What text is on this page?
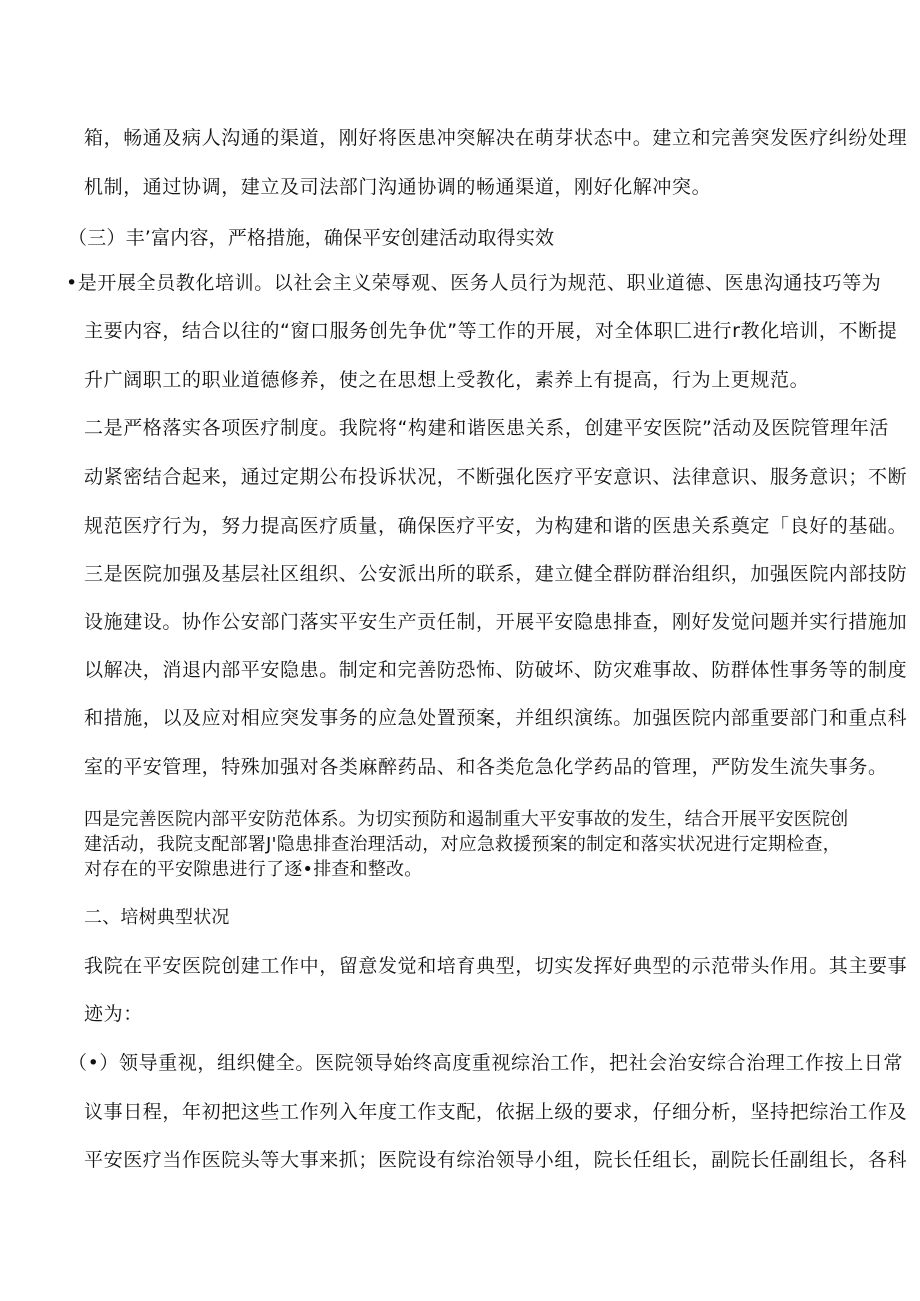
箱，畅通及病人沟通的渠道，刚好将医患冲突解决在萌芽状态中。建立和完善突发医疗纠纷处理
机制，通过协调，建立及司法部门沟通协调的畅通渠道，刚好化解冲突。
（三）丰’富内容，严格措施，确保平安创建活动取得实效
•是开展全员教化培训。以社会主义荣辱观、医务人员行为规范、职业道德、医患沟通技巧等为
主要内容，结合以往的“窗口服务创先争优”等工作的开展，对全体职匚进行r教化培训，不断提
升广阔职工的职业道德修养，使之在思想上受教化，素养上有提高，行为上更规范。
二是严格落实各项医疗制度。我院将“构建和谐医患关系，创建平安医院”活动及医院管理年活
动紧密结合起来，通过定期公布投诉状况，不断强化医疗平安意识、法律意识、服务意识；不断
规范医疗行为，努力提高医疗质量，确保医疗平安，为构建和谐的医患关系奠定「良好的基础。
三是医院加强及基层社区组织、公安派出所的联系，建立健全群防群治组织，加强医院内部技防
设施建设。协作公安部门落实平安生产贡任制，开展平安隐患排查，刚好发觉问题并实行措施加
以解决，消退内部平安隐患。制定和完善防恐怖、防破坏、防灾难事故、防群体性事务等的制度
和措施，以及应对相应突发事务的应急处置预案，并组织演练。加强医院内部重要部门和重点科
室的平安管理，特殊加强对各类麻醉药品、和各类危急化学药品的管理，严防发生流失事务。
四是完善医院内部平安防范体系。为切实预防和遏制重大平安事故的发生，结合开展平安医院创
建活动，我院支配部署J'隐患排查治理活动，对应急救援预案的制定和落实状况进行定期检查，
对存在的平安隙患进行了逐•排查和整改。
二、培树典型状况
我院在平安医院创建工作中，留意发觉和培育典型，切实发挥好典型的示范带头作用。其主要事
迹为：
（•）领导重视，组织健全。医院领导始终高度重视综治工作，把社会治安综合治理工作按上日常
议事日程，年初把这些工作列入年度工作支配，依据上级的要求，仔细分析，坚持把综治工作及
平安医疗当作医院头等大事来抓；医院设有综治领导小组，院长任组长，副院长任副组长，各科
